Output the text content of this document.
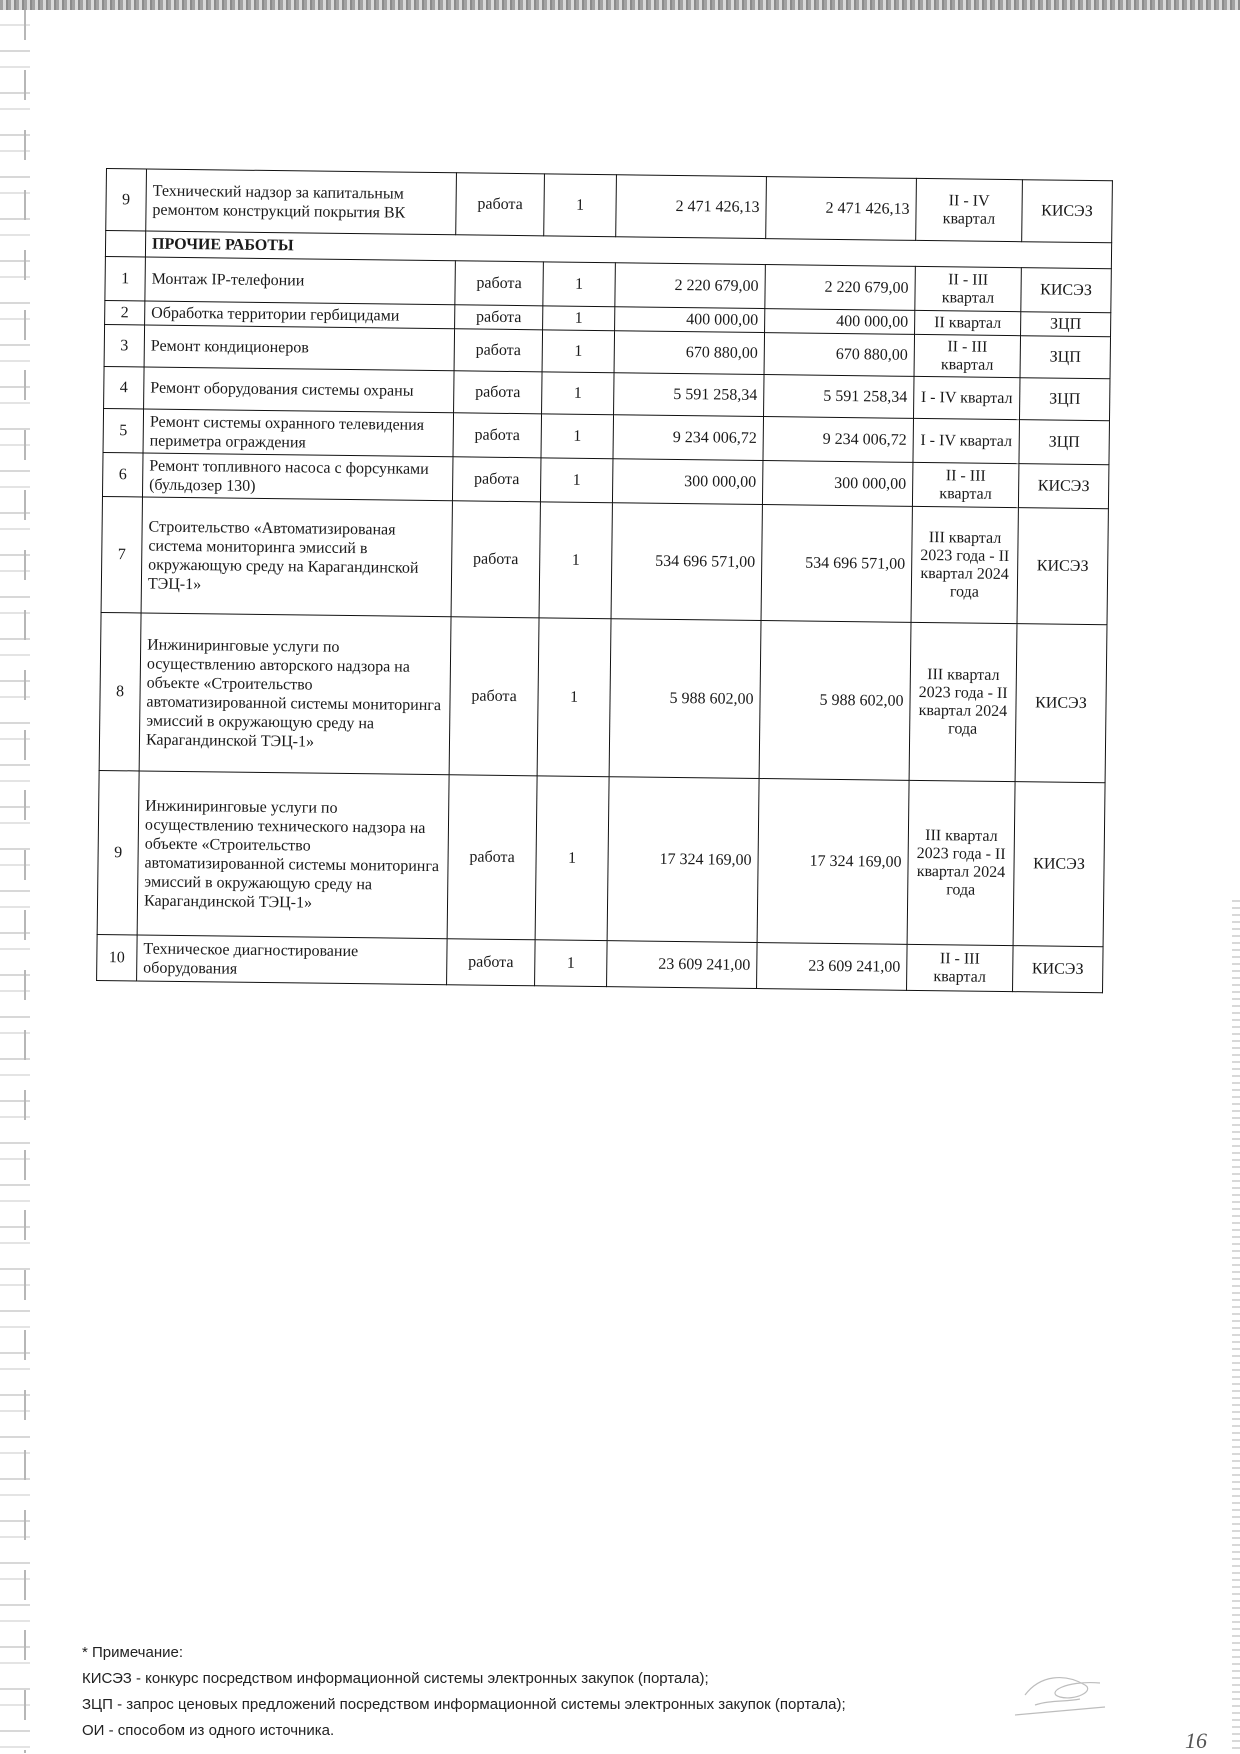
9	Технический надзор за капитальным ремонтом конструкций покрытия ВК	работа	1	2 471 426,13	2 471 426,13	II - IV квартал	КИСЭЗ
	ПРОЧИЕ РАБОТЫ						
1	Монтаж IP-телефонии	работа	1	2 220 679,00	2 220 679,00	II - III квартал	КИСЭЗ
2	Обработка территории гербицидами	работа	1	400 000,00	400 000,00	II квартал	ЗЦП
3	Ремонт кондиционеров	работа	1	670 880,00	670 880,00	II - III квартал	ЗЦП
4	Ремонт оборудования системы охраны	работа	1	5 591 258,34	5 591 258,34	I - IV квартал	ЗЦП
5	Ремонт системы охранного телевидения периметра ограждения	работа	1	9 234 006,72	9 234 006,72	I - IV квартал	ЗЦП
6	Ремонт топливного насоса с форсунками (бульдозер 130)	работа	1	300 000,00	300 000,00	II - III квартал	КИСЭЗ
7	Строительство «Автоматизированая система мониторинга эмиссий в окружающую среду на Карагандинской ТЭЦ-1»	работа	1	534 696 571,00	534 696 571,00	III квартал 2023 года - II квартал 2024 года	КИСЭЗ
8	Инжиниринговые услуги по осуществлению авторского надзора на объекте «Строительство автоматизированной системы мониторинга эмиссий в окружающую среду на Карагандинской ТЭЦ-1»	работа	1	5 988 602,00	5 988 602,00	III квартал 2023 года - II квартал 2024 года	КИСЭЗ
9	Инжиниринговые услуги по осуществлению технического надзора на объекте «Строительство автоматизированной системы мониторинга эмиссий в окружающую среду на Карагандинской ТЭЦ-1»	работа	1	17 324 169,00	17 324 169,00	III квартал 2023 года - II квартал 2024 года	КИСЭЗ
10	Техническое диагностирование оборудования	работа	1	23 609 241,00	23 609 241,00	II - III квартал	КИСЭЗ
* Примечание:
КИСЭЗ - конкурс посредством информационной системы электронных закупок (портала);
ЗЦП - запрос ценовых предложений посредством информационной системы электронных закупок (портала);
ОИ - способом из одного источника.	16
